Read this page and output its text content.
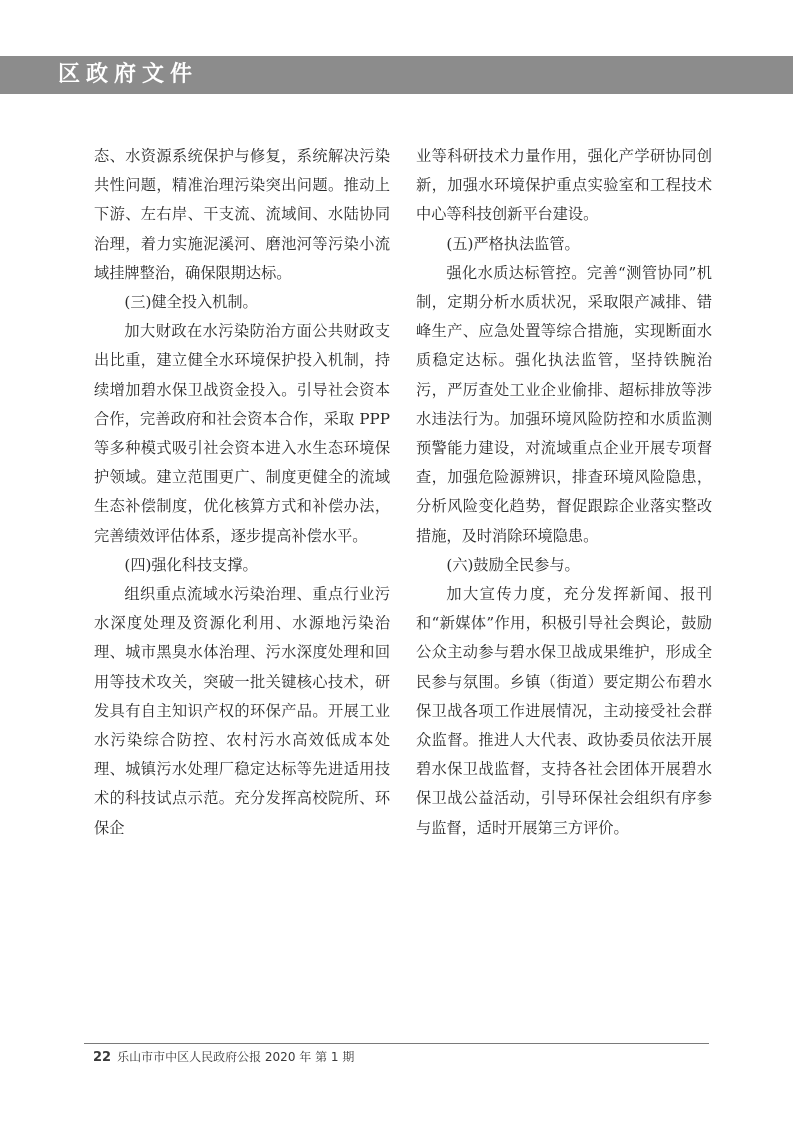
区政府文件

态、水资源系统保护与修复，系统解决污染共性问题，精准治理污染突出问题。推动上下游、左右岸、干支流、流域间、水陆协同治理，着力实施泥溪河、磨池河等污染小流域挂牌整治，确保限期达标。

(三)健全投入机制。

加大财政在水污染防治方面公共财政支出比重，建立健全水环境保护投入机制，持续增加碧水保卫战资金投入。引导社会资本合作，完善政府和社会资本合作，采取 PPP 等多种模式吸引社会资本进入水生态环境保护领域。建立范围更广、制度更健全的流域生态补偿制度，优化核算方式和补偿办法，完善绩效评估体系，逐步提高补偿水平。

(四)强化科技支撑。

组织重点流域水污染治理、重点行业污水深度处理及资源化利用、水源地污染治理、城市黑臭水体治理、污水深度处理和回用等技术攻关，突破一批关键核心技术，研发具有自主知识产权的环保产品。开展工业水污染综合防控、农村污水高效低成本处理、城镇污水处理厂稳定达标等先进适用技术的科技试点示范。充分发挥高校院所、环保企

业等科研技术力量作用，强化产学研协同创新，加强水环境保护重点实验室和工程技术中心等科技创新平台建设。

(五)严格执法监管。

强化水质达标管控。完善“测管协同”机制，定期分析水质状况，采取限产减排、错峰生产、应急处置等综合措施，实现断面水质稳定达标。强化执法监管，坚持铁腕治污，严厉查处工业企业偷排、超标排放等涉水违法行为。加强环境风险防控和水质监测预警能力建设，对流域重点企业开展专项督查，加强危险源辨识，排查环境风险隐患，分析风险变化趋势，督促跟踪企业落实整改措施，及时消除环境隐患。

(六)鼓励全民参与。

加大宣传力度，充分发挥新闻、报刊和“新媒体”作用，积极引导社会舆论，鼓励公众主动参与碧水保卫战成果维护，形成全民参与氛围。乡镇（街道）要定期公布碧水保卫战各项工作进展情况，主动接受社会群众监督。推进人大代表、政协委员依法开展碧水保卫战监督，支持各社会团体开展碧水保卫战公益活动，引导环保社会组织有序参与监督，适时开展第三方评价。

22 乐山市市中区人民政府公报 2020 年 第 1 期
